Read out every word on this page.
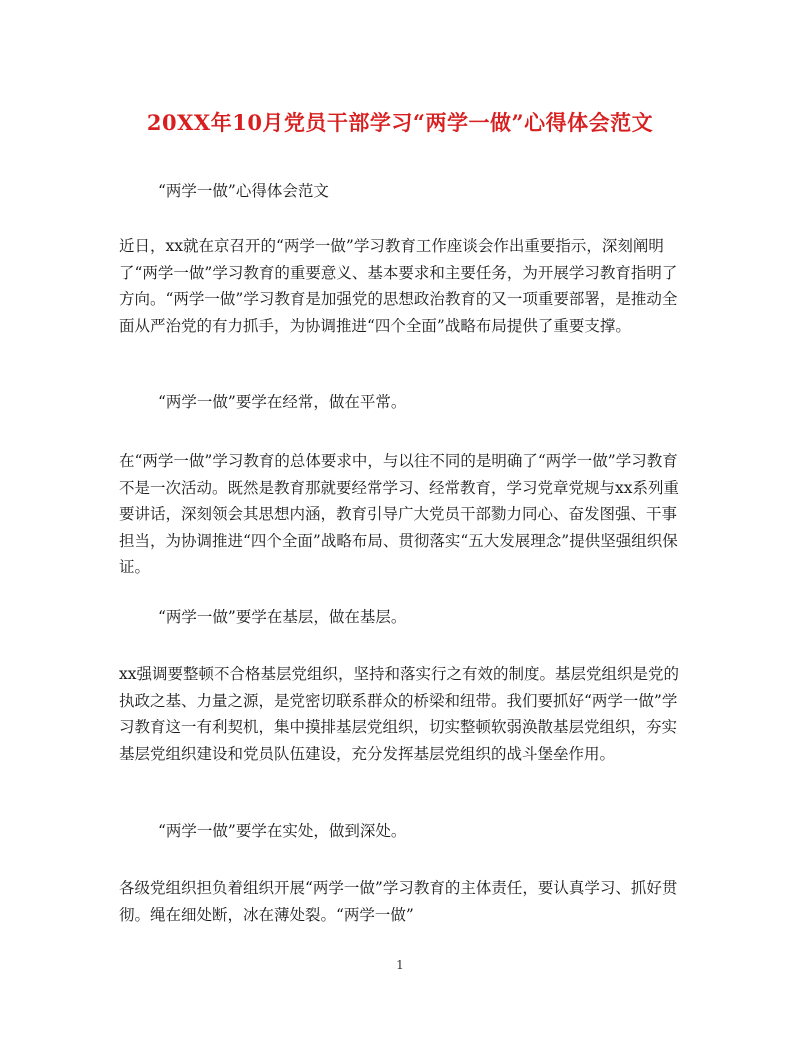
20XX年10月党员干部学习“两学一做”心得体会范文
“两学一做”心得体会范文
近日，xx就在京召开的“两学一做”学习教育工作座谈会作出重要指示，深刻阐明了“两学一做”学习教育的重要意义、基本要求和主要任务，为开展学习教育指明了方向。“两学一做”学习教育是加强党的思想政治教育的又一项重要部署，是推动全面从严治党的有力抓手，为协调推进“四个全面”战略布局提供了重要支撑。
“两学一做”要学在经常，做在平常。
在“两学一做”学习教育的总体要求中，与以往不同的是明确了“两学一做”学习教育不是一次活动。既然是教育那就要经常学习、经常教育，学习党章党规与xx系列重要讲话，深刻领会其思想内涵，教育引导广大党员干部勠力同心、奋发图强、干事担当，为协调推进“四个全面”战略布局、贯彻落实“五大发展理念”提供坚强组织保证。
“两学一做”要学在基层，做在基层。
xx强调要整顿不合格基层党组织，坚持和落实行之有效的制度。基层党组织是党的执政之基、力量之源，是党密切联系群众的桥梁和纽带。我们要抓好“两学一做”学习教育这一有利契机，集中摸排基层党组织，切实整顿软弱涣散基层党组织，夯实基层党组织建设和党员队伍建设，充分发挥基层党组织的战斗堡垒作用。
“两学一做”要学在实处，做到深处。
各级党组织担负着组织开展“两学一做”学习教育的主体责任，要认真学习、抓好贯彻。绳在细处断，冰在薄处裂。“两学一做”
1
